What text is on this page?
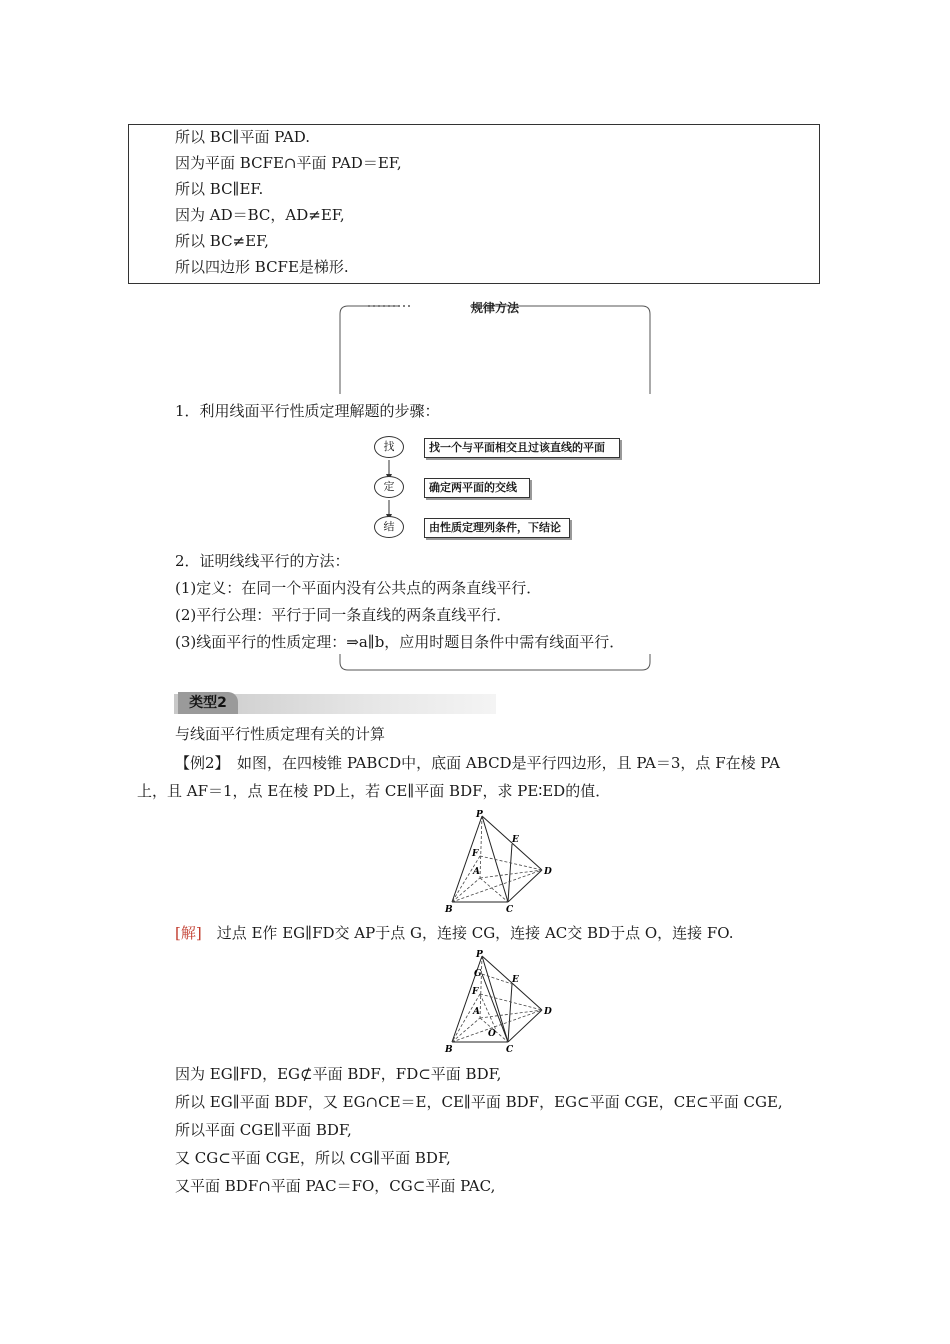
所以 BC∥平面 PAD.
因为平面 BCFE∩平面 PAD＝EF,
所以 BC∥EF.
因为 AD＝BC，AD≠EF,
所以 BC≠EF,
所以四边形 BCFE是梯形.
规律方法
1．利用线面平行性质定理解题的步骤：
找	找一个与平面相交且过该直线的平面
定	确定两平面的交线
结	由性质定理列条件，下结论
2．证明线线平行的方法：
(1)定义：在同一个平面内没有公共点的两条直线平行．
(2)平行公理：平行于同一条直线的两条直线平行．
(3)线面平行的性质定理：⇒a∥b，应用时题目条件中需有线面平行．
类型2
与线面平行性质定理有关的计算
【例2】　如图，在四棱锥 PABCD中，底面 ABCD是平行四边形，且 PA＝3，点 F在棱 PA
上，且 AF＝1，点 E在棱 PD上，若 CE∥平面 BDF，求 PE∶ED的值．
P
E
F
A	D
B	C
[解]　过点 E作 EG∥FD交 AP于点 G，连接 CG，连接 AC交 BD于点 O，连接 FO.
P
G
E
F
A
O
D
B	C
因为 EG∥FD，EG⊄平面 BDF，FD⊂平面 BDF,
所以 EG∥平面 BDF，又 EG∩CE＝E，CE∥平面 BDF，EG⊂平面 CGE，CE⊂平面 CGE,
所以平面 CGE∥平面 BDF,
又 CG⊂平面 CGE，所以 CG∥平面 BDF,
又平面 BDF∩平面 PAC＝FO，CG⊂平面 PAC,
